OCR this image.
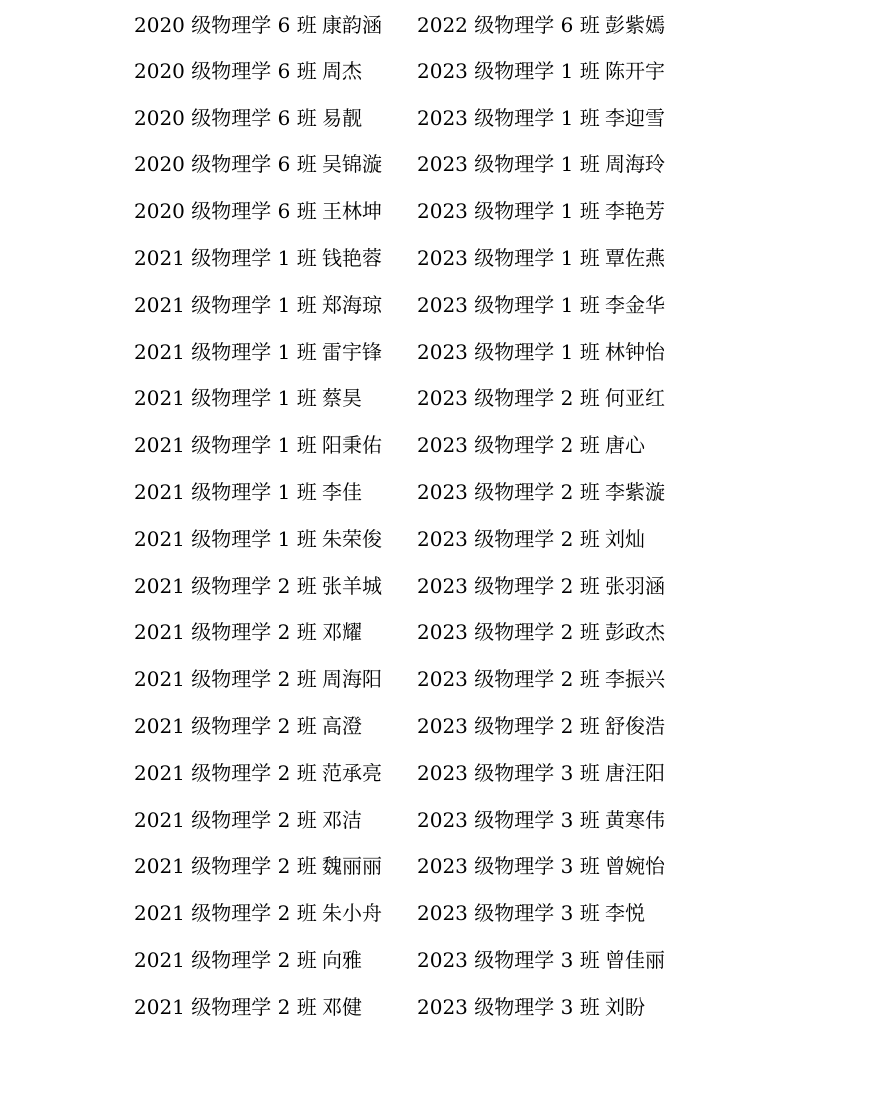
2020 级物理学 6 班 康韵涵 2022 级物理学 6 班 彭紫嫣
2020 级物理学 6 班 周杰	2023 级物理学 1 班 陈开宇
2020 级物理学 6 班 易靓	2023 级物理学 1 班 李迎雪
2020 级物理学 6 班 吴锦漩 2023 级物理学 1 班 周海玲
2020 级物理学 6 班 王林坤 2023 级物理学 1 班 李艳芳
2021 级物理学 1 班 钱艳蓉 2023 级物理学 1 班 覃佐燕
2021 级物理学 1 班 郑海琼 2023 级物理学 1 班 李金华
2021 级物理学 1 班 雷宇锋 2023 级物理学 1 班 林钟怡
2021 级物理学 1 班 蔡昊	2023 级物理学 2 班 何亚红
2021 级物理学 1 班 阳秉佑 2023 级物理学 2 班 唐心
2021 级物理学 1 班 李佳	2023 级物理学 2 班 李紫漩
2021 级物理学 1 班 朱荣俊 2023 级物理学 2 班 刘灿
2021 级物理学 2 班 张羊城 2023 级物理学 2 班 张羽涵
2021 级物理学 2 班 邓耀	2023 级物理学 2 班 彭政杰
2021 级物理学 2 班 周海阳 2023 级物理学 2 班 李振兴
2021 级物理学 2 班 高澄	2023 级物理学 2 班 舒俊浩
2021 级物理学 2 班 范承亮 2023 级物理学 3 班 唐汪阳
2021 级物理学 2 班 邓洁	2023 级物理学 3 班 黄寒伟
2021 级物理学 2 班 魏丽丽 2023 级物理学 3 班 曾婉怡
2021 级物理学 2 班 朱小舟 2023 级物理学 3 班 李悦
2021 级物理学 2 班 向雅	2023 级物理学 3 班 曾佳丽
2021 级物理学 2 班 邓健	2023 级物理学 3 班 刘盼
